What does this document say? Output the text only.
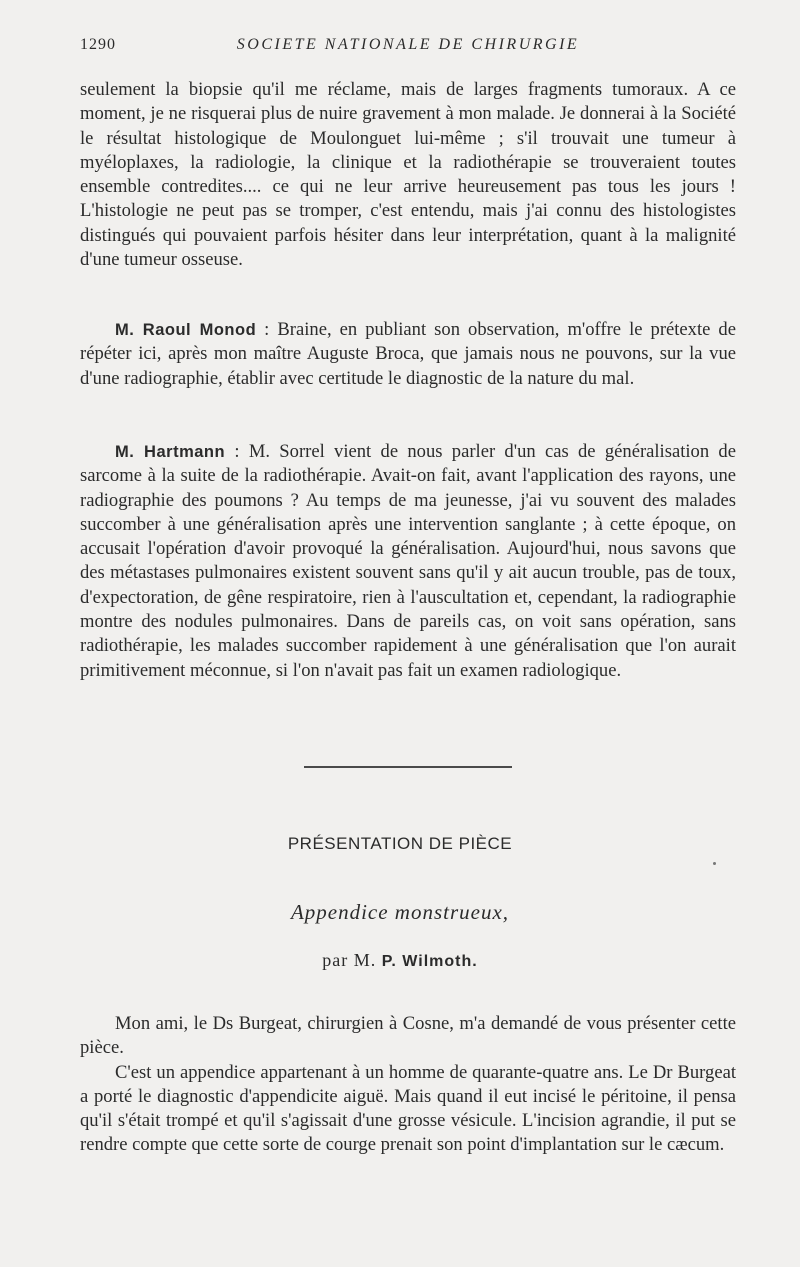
1290	SOCIETE NATIONALE DE CHIRURGIE

seulement la biopsie qu'il me réclame, mais de larges fragments tumoraux. A ce moment, je ne risquerai plus de nuire gravement à mon malade. Je donnerai à la Société le résultat histologique de Moulonguet lui-même ; s'il trouvait une tumeur à myéloplaxes, la radiologie, la clinique et la radiothérapie se trouveraient toutes ensemble contredites.... ce qui ne leur arrive heureusement pas tous les jours ! L'histologie ne peut pas se tromper, c'est entendu, mais j'ai connu des histologistes distingués qui pouvaient parfois hésiter dans leur interprétation, quant à la malignité d'une tumeur osseuse.

M. Raoul Monod : Braine, en publiant son observation, m'offre le prétexte de répéter ici, après mon maître Auguste Broca, que jamais nous ne pouvons, sur la vue d'une radiographie, établir avec certitude le diagnostic de la nature du mal.

M. Hartmann : M. Sorrel vient de nous parler d'un cas de généralisation de sarcome à la suite de la radiothérapie. Avait-on fait, avant l'application des rayons, une radiographie des poumons ? Au temps de ma jeunesse, j'ai vu souvent des malades succomber à une généralisation après une intervention sanglante ; à cette époque, on accusait l'opération d'avoir provoqué la généralisation. Aujourd'hui, nous savons que des métastases pulmonaires existent souvent sans qu'il y ait aucun trouble, pas de toux, d'expectoration, de gêne respiratoire, rien à l'auscultation et, cependant, la radiographie montre des nodules pulmonaires. Dans de pareils cas, on voit sans opération, sans radiothérapie, les malades succomber rapidement à une généralisation que l'on aurait primitivement méconnue, si l'on n'avait pas fait un examen radiologique.

PRÉSENTATION DE PIÈCE
Appendice monstrueux,
par M. P. Wilmoth.

Mon ami, le Ds Burgeat, chirurgien à Cosne, m'a demandé de vous présenter cette pièce.

C'est un appendice appartenant à un homme de quarante-quatre ans. Le Dr Burgeat a porté le diagnostic d'appendicite aiguë. Mais quand il eut incisé le péritoine, il pensa qu'il s'était trompé et qu'il s'agissait d'une grosse vésicule. L'incision agrandie, il put se rendre compte que cette sorte de courge prenait son point d'implantation sur le cæcum.
